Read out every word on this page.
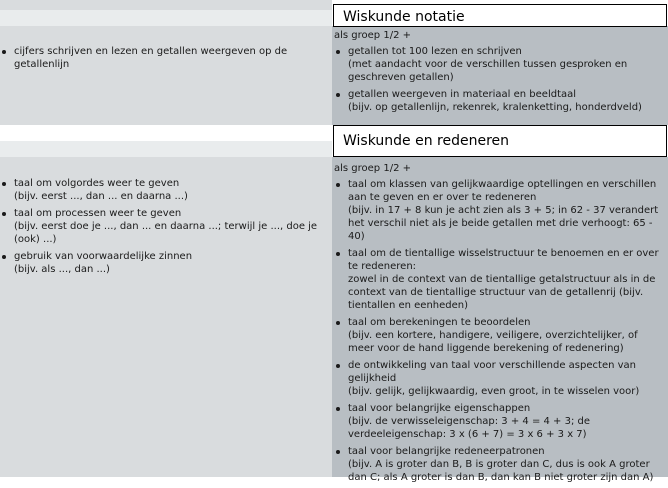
Wiskunde notatie
Wiskunde en redeneren
cijfers schrijven en lezen en getallen weergeven op de getallenlijn
als groep 1/2 +
getallen tot 100 lezen en schrijven
(met aandacht voor de verschillen tussen gesproken en geschreven getallen)
getallen weergeven in materiaal en beeldtaal
(bijv. op getallenlijn, rekenrek, kralenketting, honderdveld)
taal om volgordes weer te geven
(bijv. eerst ..., dan ... en daarna ...)
taal om processen weer te geven
(bijv. eerst doe je ..., dan ... en daarna ...; terwijl je ..., doe je (ook) ...)
gebruik van voorwaardelijke zinnen
(bijv. als ..., dan ...)
als groep 1/2 +
taal om klassen van gelijkwaardige optellingen en verschillen aan te geven en er over te redeneren
(bijv. in 17 + 8 kun je acht zien als 3 + 5; in 62 - 37 verandert het verschil niet als je beide getallen met drie verhoogt: 65 - 40)
taal om de tientallige wisselstructuur te benoemen en er over te redeneren:
zowel in de context van de tientallige getalstructuur als in de context van de tientallige structuur van de getallenrij (bijv. tientallen en eenheden)
taal om berekeningen te beoordelen
(bijv. een kortere, handigere, veiligere, overzichtelijker, of meer voor de hand liggende berekening of redenering)
de ontwikkeling van taal voor verschillende aspecten van gelijkheid
(bijv. gelijk, gelijkwaardig, even groot, in te wisselen voor)
taal voor belangrijke eigenschappen
(bijv. de verwisseleigenschap: 3 + 4 = 4 + 3; de verdeeleigenschap: 3 x (6 + 7) = 3 x 6 + 3 x 7)
taal voor belangrijke redeneerpatronen
(bijv. A is groter dan B, B is groter dan C, dus is ook A groter dan C; als A groter is dan B, dan kan B niet groter zijn dan A)
